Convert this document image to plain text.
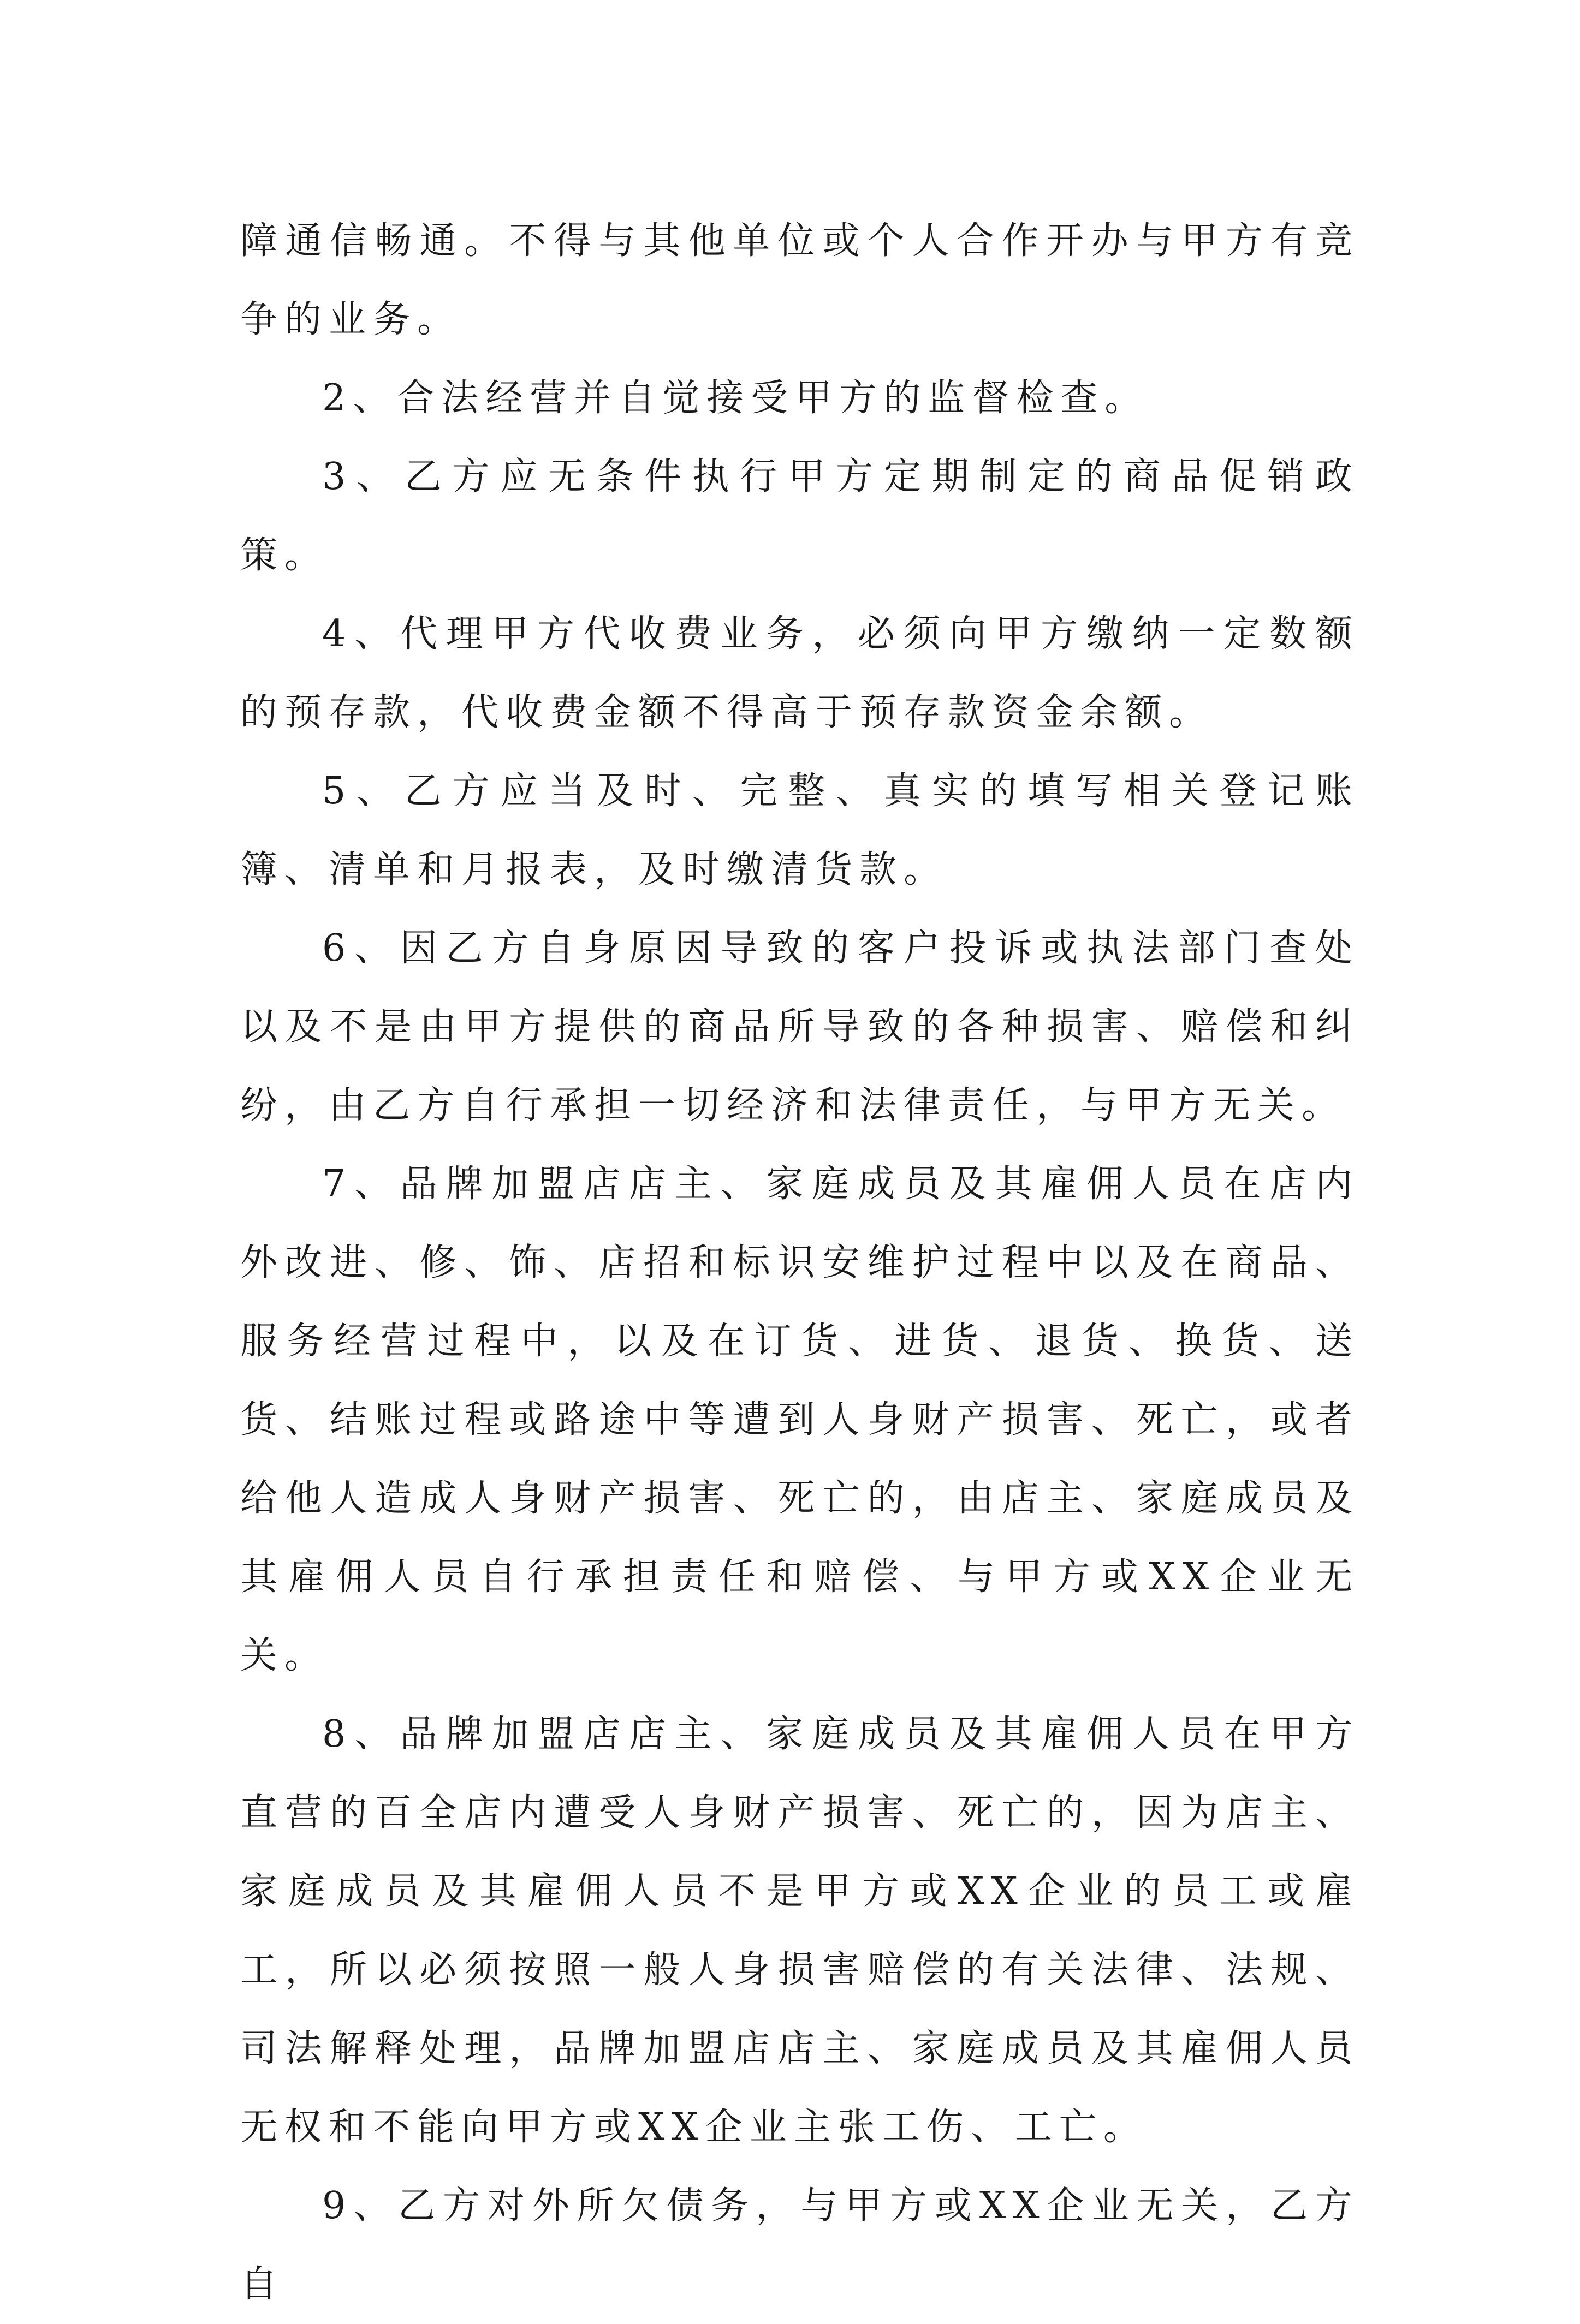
障通信畅通。不得与其他单位或个人合作开办与甲方有竞争的业务。

2、合法经营并自觉接受甲方的监督检查。

3、乙方应无条件执行甲方定期制定的商品促销政策。

4、代理甲方代收费业务，必须向甲方缴纳一定数额的预存款，代收费金额不得高于预存款资金余额。

5、乙方应当及时、完整、真实的填写相关登记账簿、清单和月报表，及时缴清货款。

6、因乙方自身原因导致的客户投诉或执法部门查处以及不是由甲方提供的商品所导致的各种损害、赔偿和纠纷，由乙方自行承担一切经济和法律责任，与甲方无关。

7、品牌加盟店店主、家庭成员及其雇佣人员在店内外改进、修、饰、店招和标识安维护过程中以及在商品、服务经营过程中，以及在订货、进货、退货、换货、送货、结账过程或路途中等遭到人身财产损害、死亡，或者给他人造成人身财产损害、死亡的，由店主、家庭成员及其雇佣人员自行承担责任和赔偿、与甲方或XX企业无关。

8、品牌加盟店店主、家庭成员及其雇佣人员在甲方直营的百全店内遭受人身财产损害、死亡的，因为店主、家庭成员及其雇佣人员不是甲方或XX企业的员工或雇工，所以必须按照一般人身损害赔偿的有关法律、法规、司法解释处理，品牌加盟店店主、家庭成员及其雇佣人员无权和不能向甲方或XX企业主张工伤、工亡。

9、乙方对外所欠债务，与甲方或XX企业无关，乙方自
